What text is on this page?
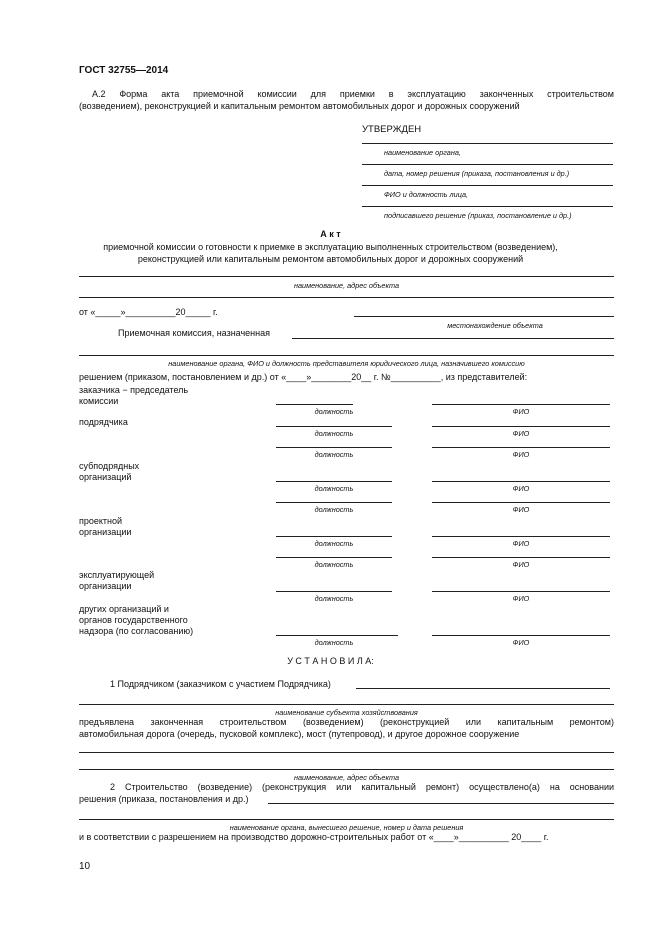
ГОСТ 32755—2014
А.2 Форма акта приемочной комиссии для приемки в эксплуатацию законченных строительством
(возведением), реконструкцией и капитальным ремонтом автомобильных дорог и дорожных сооружений
УТВЕРЖДЕН
наименование органа,
дата, номер решения (приказа, постановления и др.)
ФИО и должность лица,
подписавшего решение (приказ, постановление и др.)
А к т
приемочной комиссии о готовности к приемке в эксплуатацию выполненных строительством (возведением),
реконструкцией или капитальным ремонтом автомобильных дорог и дорожных сооружений
наименование, адрес объекта
от «_____»__________20_____ г.
местонахождение объекта
Приемочная комиссия, назначенная
наименование органа, ФИО и должность представителя юридического лица, назначившего комиссию
решением (приказом, постановлением и др.) от «____»________20__ г. №__________, из представителей:
заказчика − председатель
комиссии
должность	ФИО
подрядчика
должность	ФИО
должность	ФИО
субподрядных
организаций
должность	ФИО
должность	ФИО
проектной
организации
должность	ФИО
должность	ФИО
эксплуатирующей
организации
должность	ФИО
других организаций и
органов государственного
надзора (по согласованию)
должность	ФИО
У С Т А Н О В И Л А:
1 Подрядчиком (заказчиком с участием Подрядчика)
наименование субъекта хозяйствования
предъявлена законченная строительством (возведением) (реконструкцией или капитальным ремонтом)
автомобильная дорога (очередь, пусковой комплекс), мост (путепровод), и другое дорожное сооружение
наименование, адрес объекта
2 Строительство (возведение) (реконструкция или капитальный ремонт) осуществлено(а) на основании
решения (приказа, постановления и др.)
наименование органа, вынесшего решение, номер и дата решения
и в соответствии с разрешением на производство дорожно-строительных работ от «____»__________ 20____ г.
10
